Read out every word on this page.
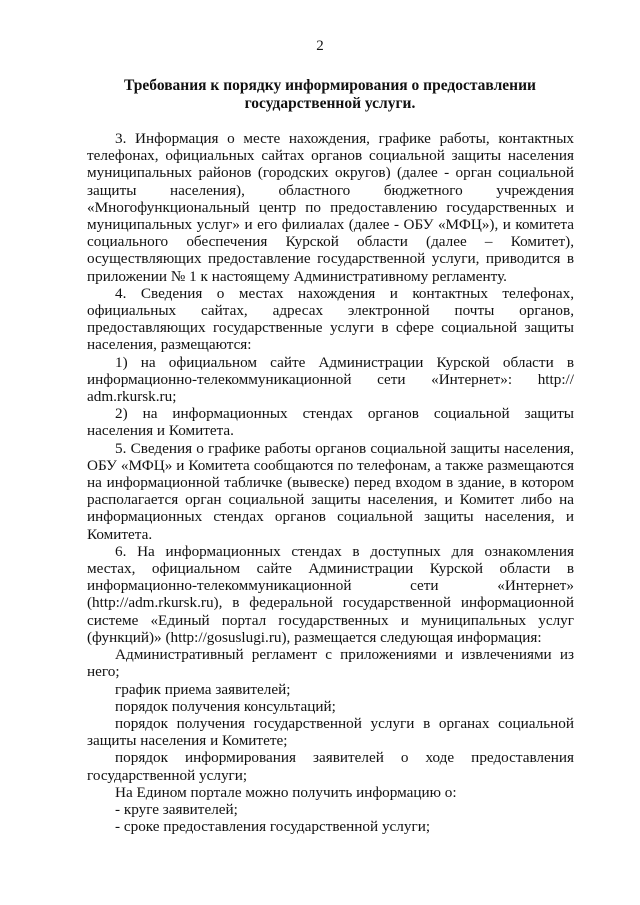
2
Требования к порядку информирования о предоставлении государственной услуги.

3. Информация о месте нахождения, графике работы, контактных телефонах, официальных сайтах органов социальной защиты населения муниципальных районов (городских округов) (далее - орган социальной защиты населения), областного бюджетного учреждения «Многофункциональный центр по предоставлению государственных и муниципальных услуг» и его филиалах (далее - ОБУ «МФЦ»), и комитета социального обеспечения Курской области (далее – Комитет), осуществляющих предоставление государственной услуги, приводится в приложении № 1 к настоящему Административному регламенту.

4. Сведения о местах нахождения и контактных телефонах, официальных сайтах, адресах электронной почты органов, предоставляющих государственные услуги в сфере социальной защиты населения, размещаются:

1) на официальном сайте Администрации Курской области в информационно-телекоммуникационной сети «Интернет»: http:// adm.rkursk.ru;

2) на информационных стендах органов социальной защиты населения и Комитета.

5. Сведения о графике работы органов социальной защиты населения, ОБУ «МФЦ» и Комитета сообщаются по телефонам, а также размещаются на информационной табличке (вывеске) перед входом в здание, в котором располагается орган социальной защиты населения, и Комитет либо на информационных стендах органов социальной защиты населения, и Комитета.

6. На информационных стендах в доступных для ознакомления местах, официальном сайте Администрации Курской области в информационно-телекоммуникационной сети «Интернет» (http://adm.rkursk.ru), в федеральной государственной информационной системе «Единый портал государственных и муниципальных услуг (функций)» (http://gosuslugi.ru), размещается следующая информация:

Административный регламент с приложениями и извлечениями из него;

график приема заявителей;

порядок получения консультаций;

порядок получения государственной услуги в органах социальной защиты населения и Комитете;

порядок информирования заявителей о ходе предоставления государственной услуги;

На Едином портале можно получить информацию о:

- круге заявителей;

- сроке предоставления государственной услуги;
